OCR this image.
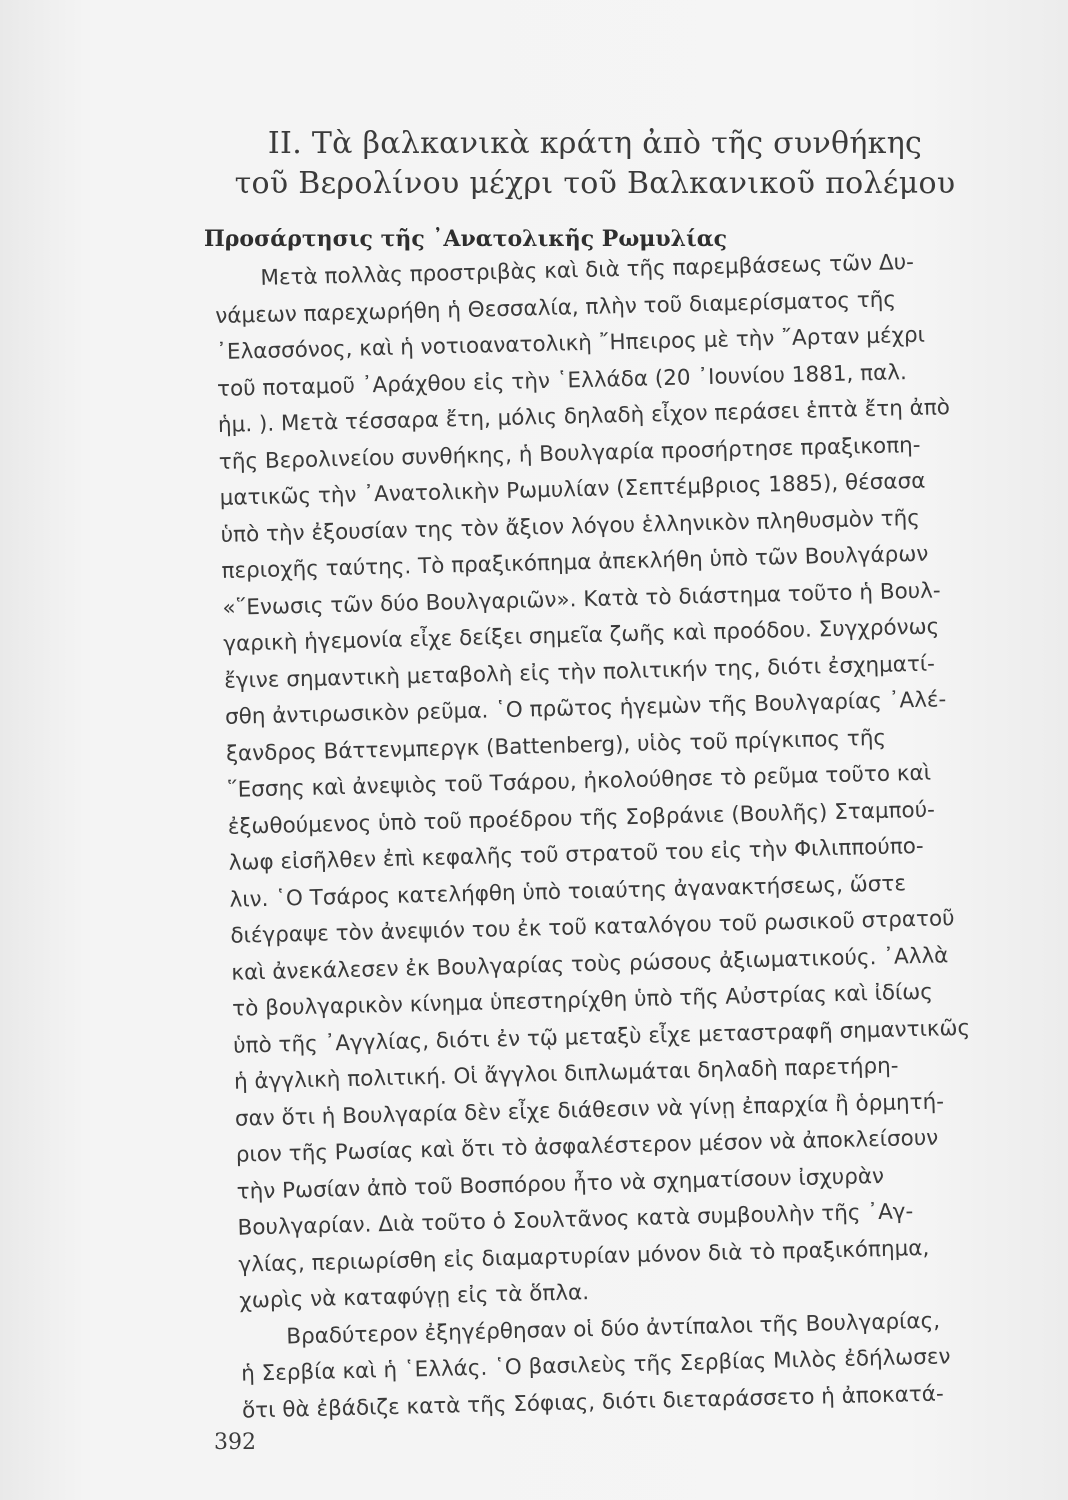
II. Τὰ βαλκανικὰ κράτη ἀπὸ τῆς συνθήκης
τοῦ Βερολίνου μέχρι τοῦ Βαλκανικοῦ πολέμου
Προσάρτησις τῆς ᾿Ανατολικῆς Ρωμυλίας
Μετὰ πολλὰς προστριβὰς καὶ διὰ τῆς παρεμβάσεως τῶν Δυ-
νάμεων παρεχωρήθη ἡ Θεσσαλία, πλὴν τοῦ διαμερίσματος τῆς
᾿Ελασσόνος, καὶ ἡ νοτιοανατολικὴ ῎Ηπειρος μὲ τὴν ῎Αρταν μέχρι
τοῦ ποταμοῦ ᾿Αράχθου εἰς τὴν ῾Ελλάδα (20 ᾿Ιουνίου 1881, παλ.
ἡμ. ). Μετὰ τέσσαρα ἔτη, μόλις δηλαδὴ εἶχον περάσει ἑπτὰ ἔτη ἀπὸ
τῆς Βερολινείου συνθήκης, ἡ Βουλγαρία προσήρτησε πραξικοπη-
ματικῶς τὴν ᾿Ανατολικὴν Ρωμυλίαν (Σεπτέμβριος 1885), θέσασα
ὑπὸ τὴν ἐξουσίαν της τὸν ἄξιον λόγου ἑλληνικὸν πληθυσμὸν τῆς
περιοχῆς ταύτης. Τὸ πραξικόπημα ἀπεκλήθη ὑπὸ τῶν Βουλγάρων
«῞Ενωσις τῶν δύο Βουλγαριῶν». Κατὰ τὸ διάστημα τοῦτο ἡ Βουλ-
γαρικὴ ἡγεμονία εἶχε δείξει σημεῖα ζωῆς καὶ προόδου. Συγχρόνως
ἔγινε σημαντικὴ μεταβολὴ εἰς τὴν πολιτικήν της, διότι ἐσχηματί-
σθη ἀντιρωσικὸν ρεῦμα. ῾Ο πρῶτος ἡγεμὼν τῆς Βουλγαρίας ᾿Αλέ-
ξανδρος Βάττενμπεργκ (Battenberg), υἱὸς τοῦ πρίγκιπος τῆς
῞Εσσης καὶ ἀνεψιὸς τοῦ Τσάρου, ἠκολούθησε τὸ ρεῦμα τοῦτο καὶ
ἐξωθούμενος ὑπὸ τοῦ προέδρου τῆς Σοβράνιε (Βουλῆς) Σταμπού-
λωφ εἰσῆλθεν ἐπὶ κεφαλῆς τοῦ στρατοῦ του εἰς τὴν Φιλιππούπο-
λιν. ῾Ο Τσάρος κατελήφθη ὑπὸ τοιαύτης ἀγανακτήσεως, ὥστε
διέγραψε τὸν ἀνεψιόν του ἐκ τοῦ καταλόγου τοῦ ρωσικοῦ στρατοῦ
καὶ ἀνεκάλεσεν ἐκ Βουλγαρίας τοὺς ρώσους ἀξιωματικούς. ᾿Αλλὰ
τὸ βουλγαρικὸν κίνημα ὑπεστηρίχθη ὑπὸ τῆς Αὐστρίας καὶ ἰδίως
ὑπὸ τῆς ᾿Αγγλίας, διότι ἐν τῷ μεταξὺ εἶχε μεταστραφῆ σημαντικῶς
ἡ ἀγγλικὴ πολιτική. Οἱ ἄγγλοι διπλωμάται δηλαδὴ παρετήρη-
σαν ὅτι ἡ Βουλγαρία δὲν εἶχε διάθεσιν νὰ γίνῃ ἐπαρχία ἢ ὁρμητή-
ριον τῆς Ρωσίας καὶ ὅτι τὸ ἀσφαλέστερον μέσον νὰ ἀποκλείσουν
τὴν Ρωσίαν ἀπὸ τοῦ Βοσπόρου ἦτο νὰ σχηματίσουν ἰσχυρὰν
Βουλγαρίαν. Διὰ τοῦτο ὁ Σουλτᾶνος κατὰ συμβουλὴν τῆς ᾿Αγ-
γλίας, περιωρίσθη εἰς διαμαρτυρίαν μόνον διὰ τὸ πραξικόπημα,
χωρὶς νὰ καταφύγῃ εἰς τὰ ὅπλα.
Βραδύτερον ἐξηγέρθησαν οἱ δύο ἀντίπαλοι τῆς Βουλγαρίας,
ἡ Σερβία καὶ ἡ ῾Ελλάς. ῾Ο βασιλεὺς τῆς Σερβίας Μιλὸς ἐδήλωσεν
ὅτι θὰ ἐβάδιζε κατὰ τῆς Σόφιας, διότι διεταράσσετο ἡ ἀποκατά-
392
